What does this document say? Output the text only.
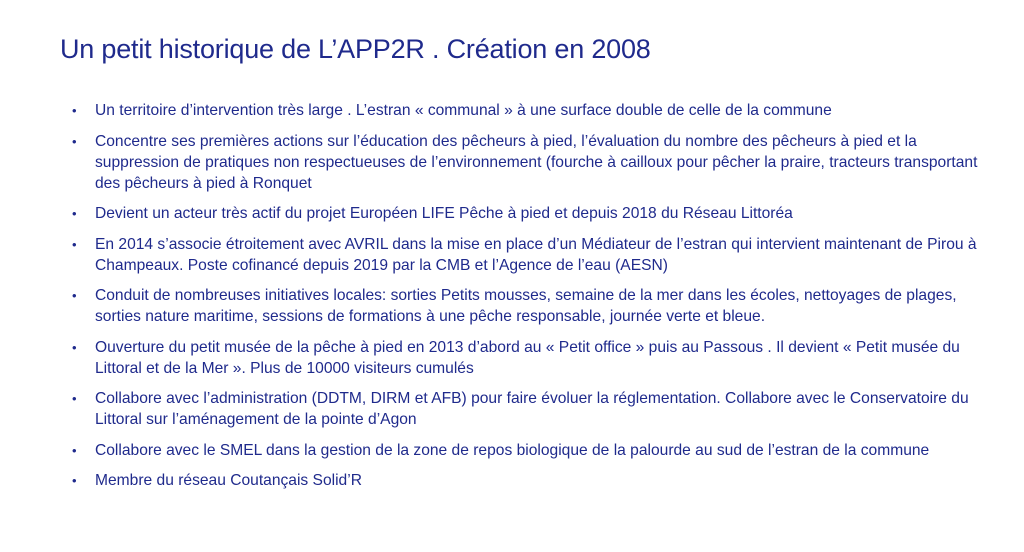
Un petit historique de L’APP2R . Création en 2008
• Un territoire d’intervention très large . L’estran « communal » à une surface double de celle de la commune
• Concentre ses premières actions sur l’éducation des pêcheurs à pied, l’évaluation du nombre des pêcheurs à pied et la suppression de pratiques non respectueuses de l’environnement (fourche à cailloux pour pêcher la praire, tracteurs transportant des pêcheurs à pied à Ronquet
• Devient un acteur très actif du projet Européen LIFE Pêche à pied et depuis 2018 du Réseau Littoréa
• En 2014 s’associe étroitement avec AVRIL dans la mise en place d’un Médiateur de l’estran qui intervient maintenant de Pirou à Champeaux. Poste cofinancé depuis 2019 par la CMB et l’Agence de l’eau (AESN)
• Conduit de nombreuses initiatives locales: sorties Petits mousses, semaine de la mer dans les écoles, nettoyages de plages, sorties nature maritime, sessions de formations à une pêche responsable, journée verte et bleue.
• Ouverture du petit musée de la pêche à pied en 2013 d’abord au « Petit office » puis au Passous . Il devient « Petit musée du Littoral et de la Mer ». Plus de 10000 visiteurs cumulés
• Collabore avec l’administration (DDTM, DIRM et AFB) pour faire évoluer la réglementation. Collabore avec le Conservatoire du Littoral sur l’aménagement de la pointe d’Agon
• Collabore avec le SMEL dans la gestion de la zone de repos biologique de la palourde au sud de l’estran de la commune
• Membre du réseau Coutançais Solid’R
